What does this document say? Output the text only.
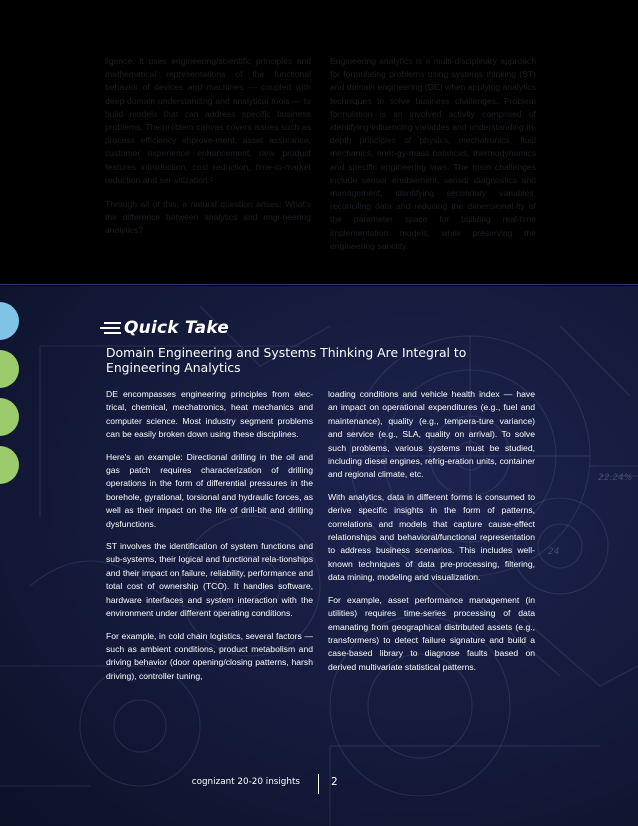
ligence. It uses engineering/scientific principles and mathematical representations of the functional behavior of devices and machines — coupled with deep domain understanding and analytical tools — to build models that can address specific business problems. The problem canvas covers issues such as process efficiency improve-ment, asset assurance, customer experience enhancement, new product features introduction, cost reduction, time-to-market reduction and ser-vitization.²

Through all of this, a natural question arises: What's the difference between analytics and engi-neering analytics?

Engineering analytics is a multi-disciplinary approach for formulating problems using systems thinking (ST) and domain engineering (DE) when applying analytics techniques to solve business challenges. Problem formulation is an involved activity comprised of identifying influencing variables and understanding in-depth principles of physics, mechatronics, fluid mechanics, ener-gy-mass balances, thermodynamics and specific engineering laws. The main challenges include sensor enablement, sensor diagnostics and management, identifying secondary variables, reconciling data and reducing the dimensional-ity of the parameter space for building real-time implementation models, while preserving the engineering sanctity.

22.24%
24
Quick Take
Domain Engineering and Systems Thinking Are Integral to Engineering Analytics

DE encompasses engineering principles from elec-trical, chemical, mechatronics, heat mechanics and computer science. Most industry segment problems can be easily broken down using these disciplines.

Here's an example: Directional drilling in the oil and gas patch requires characterization of drilling operations in the form of differential pressures in the borehole, gyrational, torsional and hydraulic forces, as well as their impact on the life of drill-bit and drilling dysfunctions.

ST involves the identification of system functions and sub-systems, their logical and functional rela-tionships and their impact on failure, reliability, performance and total cost of ownership (TCO). It handles software, hardware interfaces and system interaction with the environment under different operating conditions.

For example, in cold chain logistics, several factors — such as ambient conditions, product metabolism and driving behavior (door opening/closing patterns, harsh driving), controller tuning,

loading conditions and vehicle health index — have an impact on operational expenditures (e.g., fuel and maintenance), quality (e.g., tempera-ture variance) and service (e.g., SLA, quality on arrival). To solve such problems, various systems must be studied, including diesel engines, refrig-eration units, container and regional climate, etc.

With analytics, data in different forms is consumed to derive specific insights in the form of patterns, correlations and models that capture cause-effect relationships and behavioral/functional representation to address business scenarios. This includes well-known techniques of data pre-processing, filtering, data mining, modeling and visualization.

For example, asset performance management (in utilities) requires time-series processing of data emanating from geographical distributed assets (e.g., transformers) to detect failure signature and build a case-based library to diagnose faults based on derived multivariate statistical patterns.

cognizant 20-20 insights	2
